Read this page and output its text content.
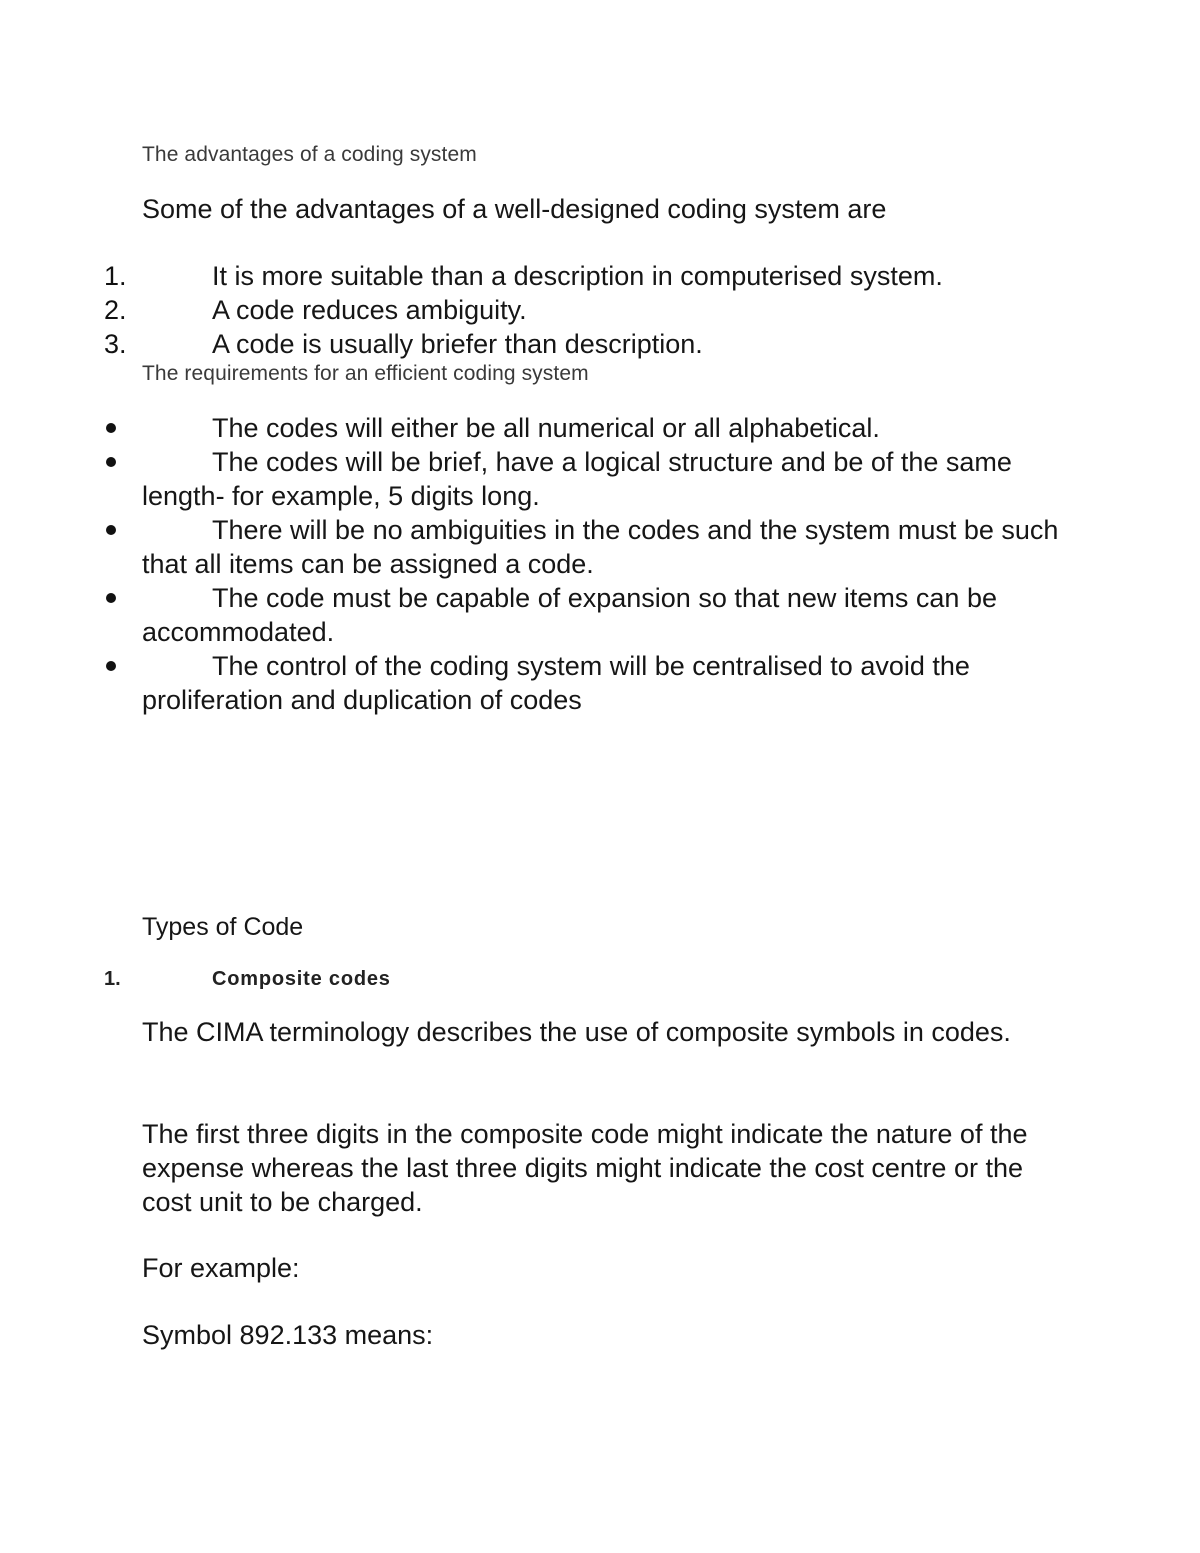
The advantages of a coding system
Some of the advantages of a well-designed coding system are
1.	It is more suitable than a description in computerised system.
2.	A code reduces ambiguity.
3.	A code is usually briefer than description.
The requirements for an efficient coding system
The codes will either be all numerical or all alphabetical.
The codes will be brief, have a logical structure and be of the same length- for example, 5 digits long.
There will be no ambiguities in the codes and the system must be such that all items can be assigned a code.
The code must be capable of expansion so that new items can be accommodated.
The control of the coding system will be centralised to avoid the proliferation and duplication of codes
Types of Code
1.	Composite codes
The CIMA terminology describes the use of composite symbols in codes.
The first three digits in the composite code might indicate the nature of the expense whereas the last three digits might indicate the cost centre or the cost unit to be charged.
For example:
Symbol 892.133 means:
